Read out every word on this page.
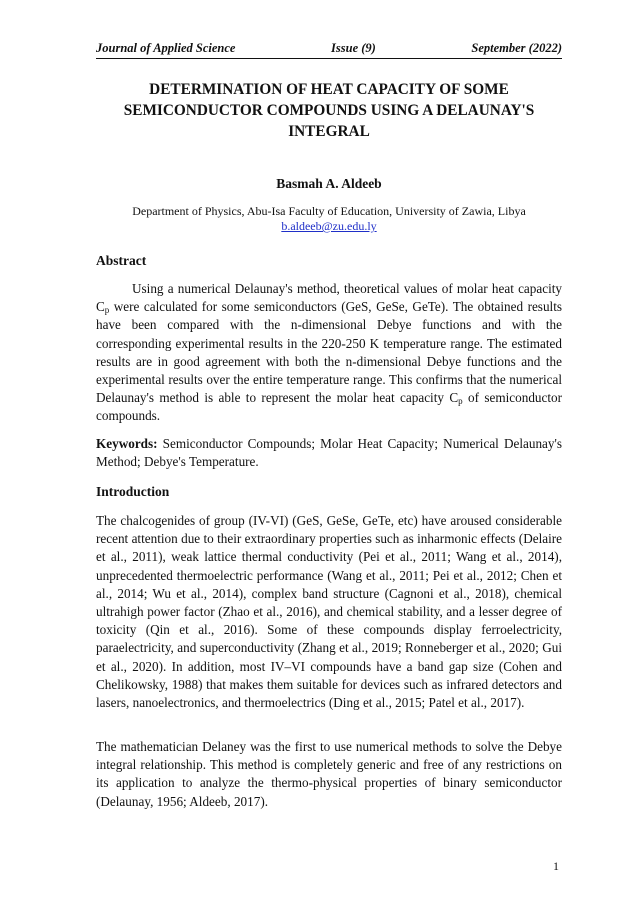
Journal of Applied Science	Issue (9)	September (2022)
DETERMINATION OF HEAT CAPACITY OF SOME
SEMICONDUCTOR COMPOUNDS USING A DELAUNAY'S
INTEGRAL
Basmah A. Aldeeb
Department of Physics, Abu-Isa Faculty of Education, University of Zawia, Libya
b.aldeeb@zu.edu.ly
Abstract

Using a numerical Delaunay's method, theoretical values of molar heat capacity $C_p$ were calculated for some semiconductors (GeS, GeSe, GeTe). The obtained results have been compared with the n-dimensional Debye functions and with the corresponding experimental results in the 220-250 K temperature range. The estimated results are in good agreement with both the n-dimensional Debye functions and the experimental results over the entire temperature range. This confirms that the numerical Delaunay's method is able to represent the molar heat capacity $C_p$ of semiconductor compounds.

Keywords: Semiconductor Compounds; Molar Heat Capacity; Numerical Delaunay's Method; Debye's Temperature.

Introduction

The chalcogenides of group (IV-VI) (GeS, GeSe, GeTe, etc) have aroused considerable recent attention due to their extraordinary properties such as inharmonic effects (Delaire et al., 2011), weak lattice thermal conductivity (Pei et al., 2011; Wang et al., 2014), unprecedented thermoelectric performance (Wang et al., 2011; Pei et al., 2012; Chen et al., 2014; Wu et al., 2014), complex band structure (Cagnoni et al., 2018), chemical ultrahigh power factor (Zhao et al., 2016), and chemical stability, and a lesser degree of toxicity (Qin et al., 2016). Some of these compounds display ferroelectricity, paraelectricity, and superconductivity (Zhang et al., 2019; Ronneberger et al., 2020; Gui et al., 2020). In addition, most IV–VI compounds have a band gap size (Cohen and Chelikowsky, 1988) that makes them suitable for devices such as infrared detectors and lasers, nanoelectronics, and thermoelectrics (Ding et al., 2015; Patel et al., 2017).

The mathematician Delaney was the first to use numerical methods to solve the Debye integral relationship. This method is completely generic and free of any restrictions on its application to analyze the thermo-physical properties of binary semiconductor (Delaunay, 1956; Aldeeb, 2017).

1
